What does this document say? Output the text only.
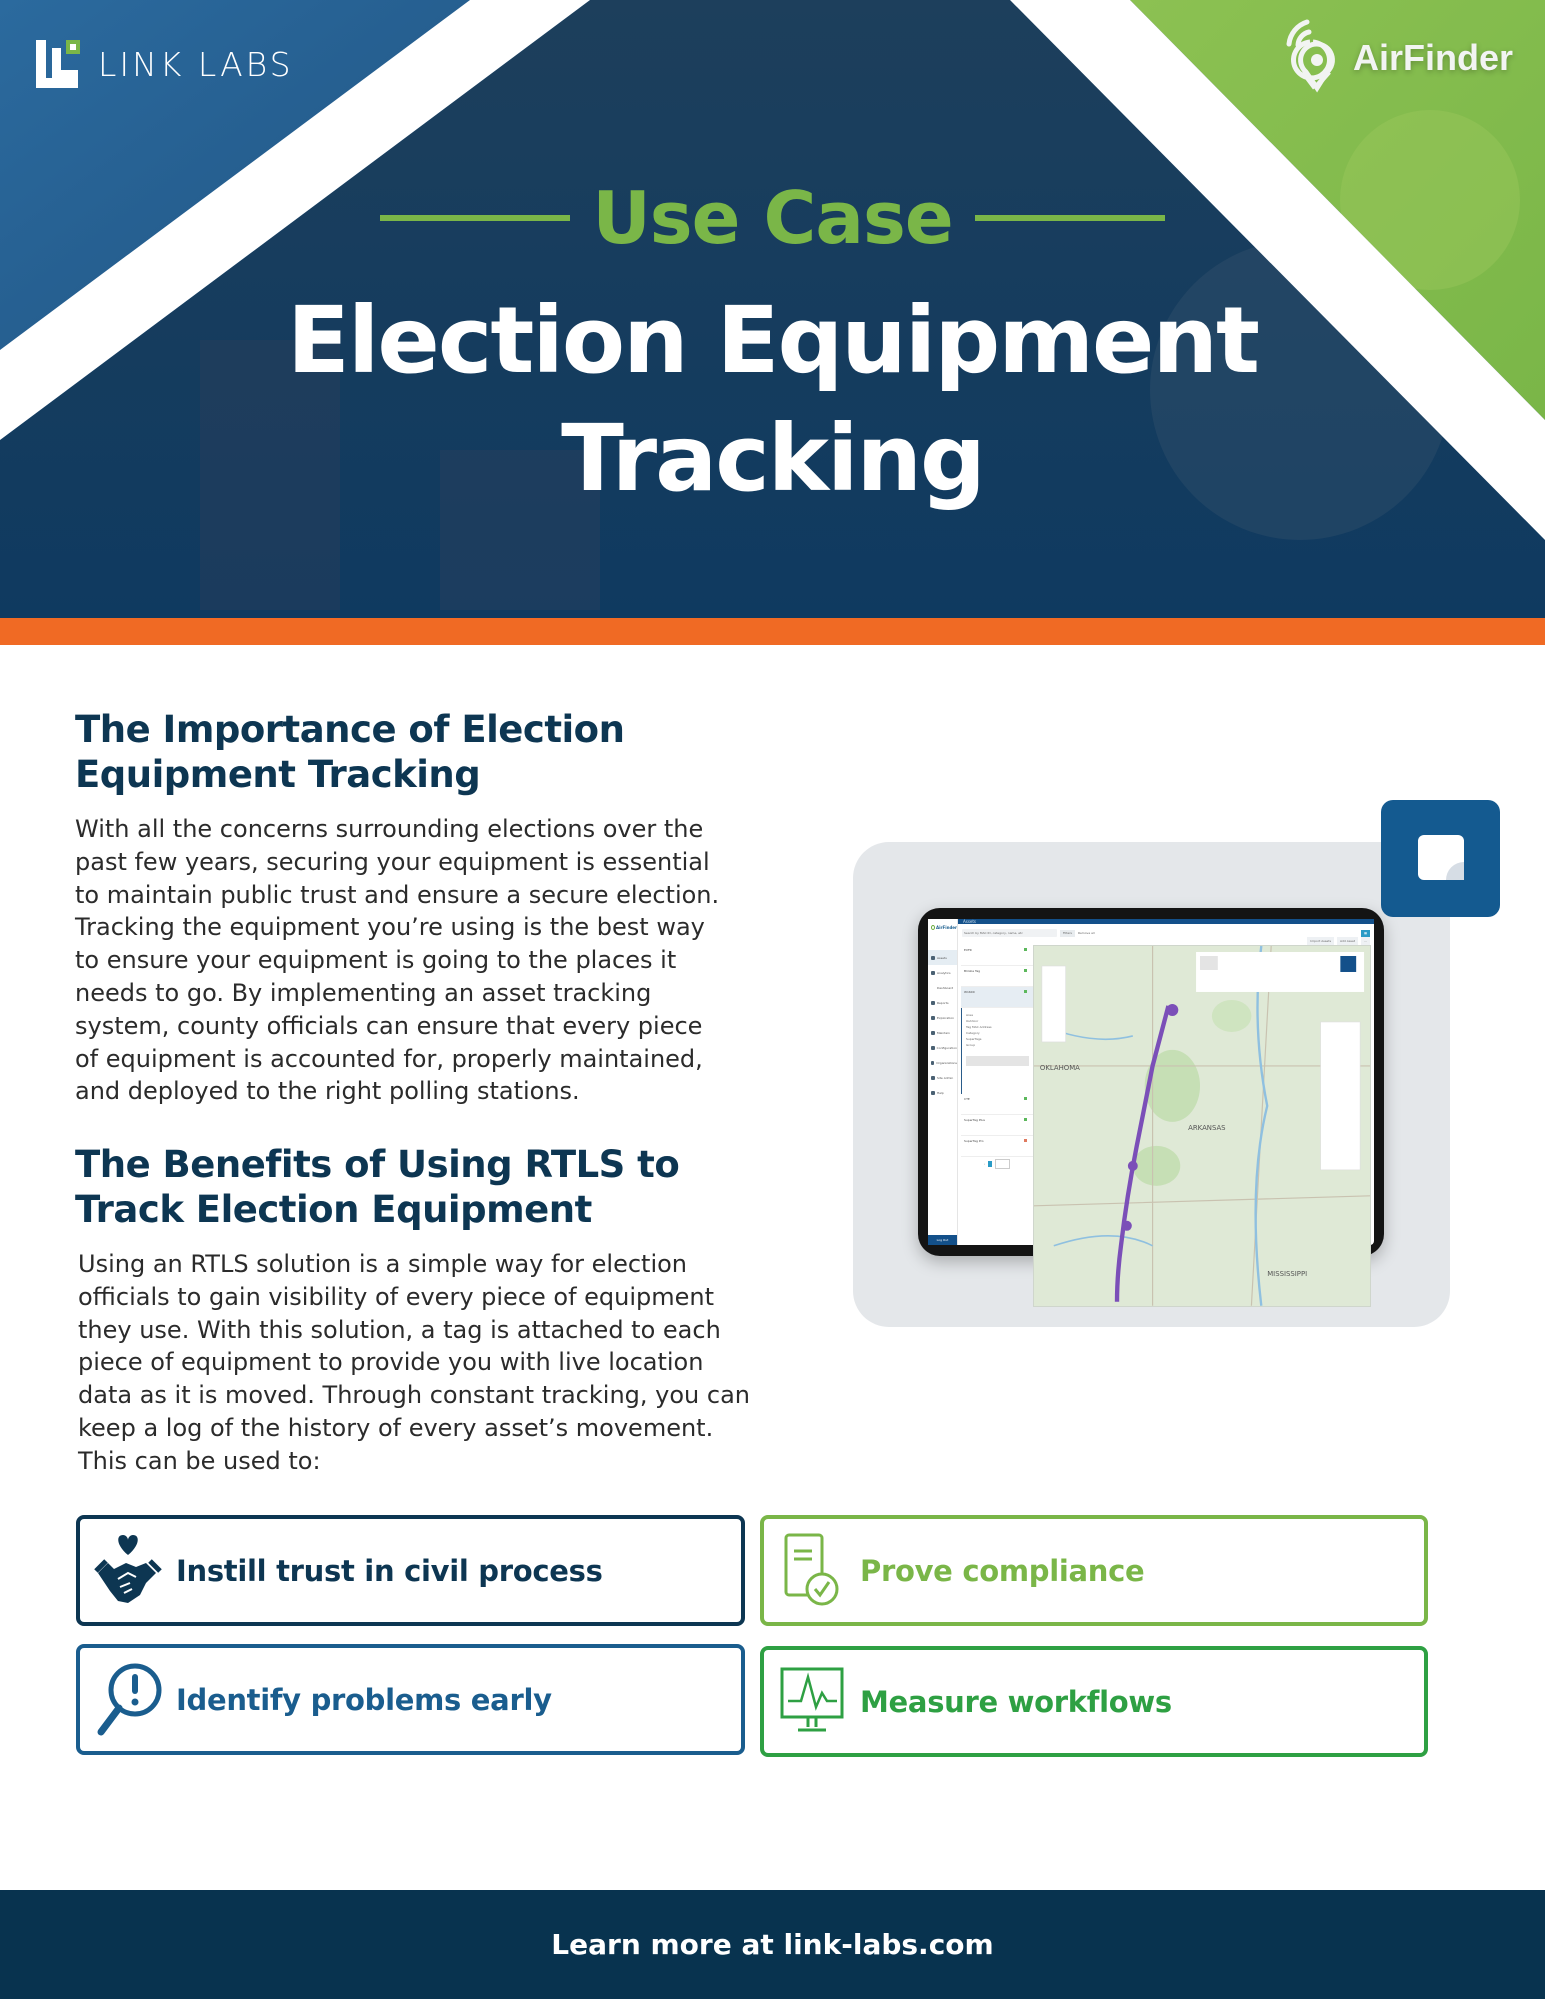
LINK LABS	AirFinder
Use Case
Election Equipment
Tracking
The Importance of Election
Equipment Tracking
With all the concerns surrounding elections over the
past few years, securing your equipment is essential
to maintain public trust and ensure a secure election.
Tracking the equipment you’re using is the best way
to ensure your equipment is going to the places it
needs to go. By implementing an asset tracking
system, county officials can ensure that every piece
of equipment is accounted for, properly maintained,
and deployed to the right polling stations.
The Benefits of Using RTLS to
Track Election Equipment
Using an RTLS solution is a simple way for election
officials to gain visibility of every piece of equipment
they use. With this solution, a tag is attached to each
piece of equipment to provide you with live location
data as it is moved. Through constant tracking, you can
keep a log of the history of every asset’s movement.
This can be used to:
AirFinder
Assets
Analytics
Dashboard
Reports
Exploration
Maintain
Configuration
Organizations
Site Admin
Help
Log Out
Assets
Search by MAC ID, category, name, etc	Filters Remove all	▦
Import Assets	Add Asset	⋯
EXFR
Blinkie Tag
W1600
Area
Outdoor
Tag MAC Address
Category
SuperTags
Group
CTE
SuperTag Plus
SuperTag Pro
‹
OKLAHOMA
ARKANSAS
MISSISSIPPI
Instill trust in civil process	Prove compliance
Identify problems early	Measure workflows
Learn more at link-labs.com
